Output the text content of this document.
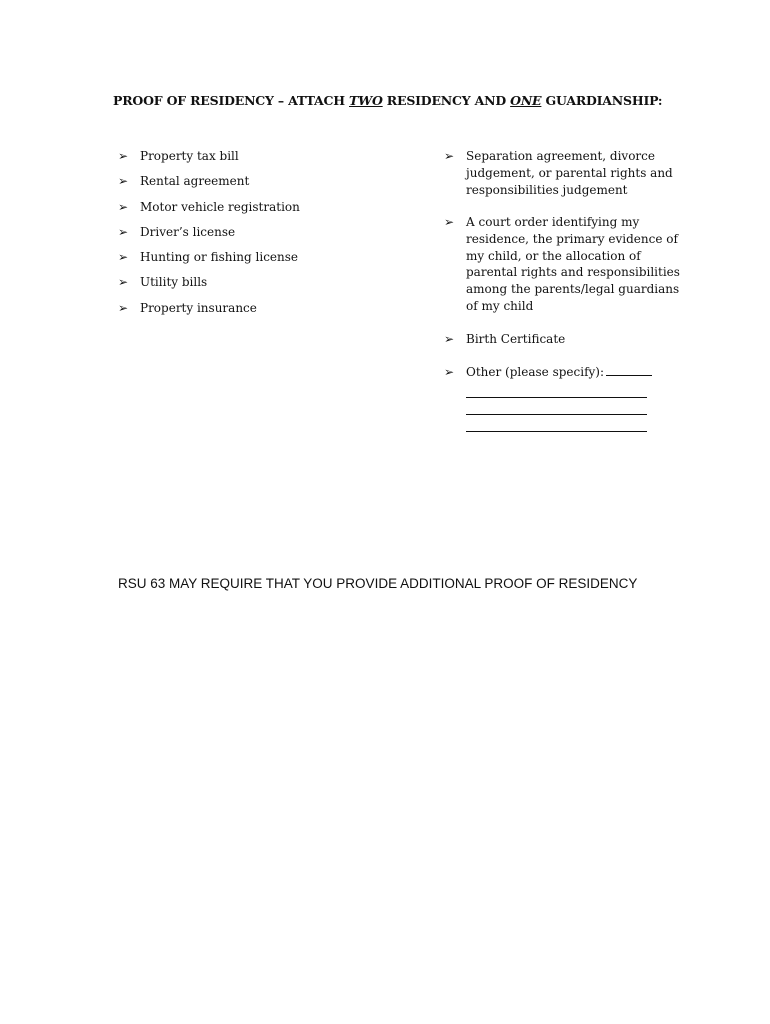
PROOF OF RESIDENCY – ATTACH TWO RESIDENCY AND ONE GUARDIANSHIP:
➢ Property tax bill
➢ Rental agreement
➢ Motor vehicle registration
➢ Driver’s license
➢ Hunting or fishing license
➢ Utility bills
➢ Property insurance
➢ Separation agreement, divorce judgement, or parental rights and responsibilities judgement
➢ A court order identifying my residence, the primary evidence of my child, or the allocation of parental rights and responsibilities among the parents/legal guardians of my child
➢ Birth Certificate
➢ Other (please specify):
RSU 63 MAY REQUIRE THAT YOU PROVIDE ADDITIONAL PROOF OF RESIDENCY
